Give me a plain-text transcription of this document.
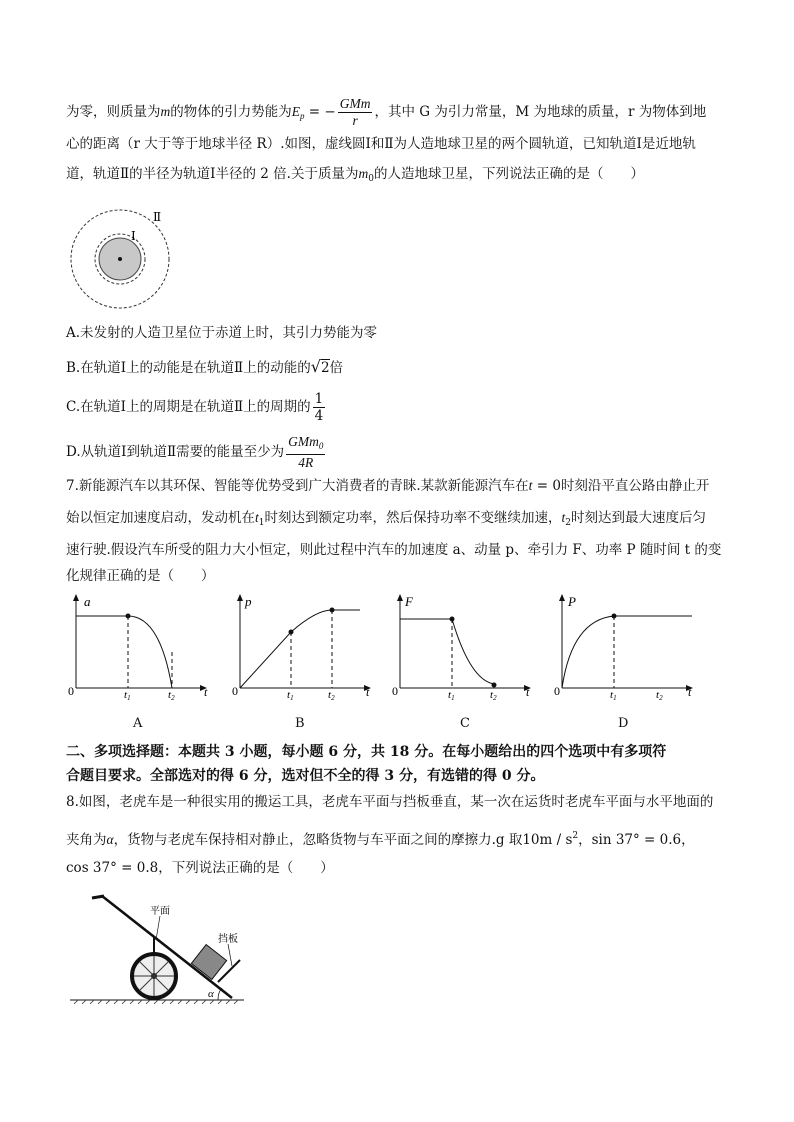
为零，则质量为m的物体的引力势能为$E_p$ = − $\frac{\text{GMm}}{r}$ ，其中 G 为引力常量，M 为地球的质量，r 为物体到地
心的距离（r 大于等于地球半径 R）.如图，虚线圆Ⅰ和Ⅱ为人造地球卫星的两个圆轨道，已知轨道Ⅰ是近地轨
道，轨道Ⅱ的半径为轨道Ⅰ半径的 2 倍.关于质量为$m_0$的人造地球卫星，下列说法正确的是（　　）
Ⅰ
Ⅱ
A.未发射的人造卫星位于赤道上时，其引力势能为零
B.在轨道Ⅰ上的动能是在轨道Ⅱ上的动能的√2倍
C.在轨道Ⅰ上的周期是在轨道Ⅱ上的周期的 $\frac{1}{4}$
D.从轨道Ⅰ到轨道Ⅱ需要的能量至少为 $\frac{GMm_0}{4R}$
7.新能源汽车以其环保、智能等优势受到广大消费者的青睐.某款新能源汽车在t = 0时刻沿平直公路由静止开
始以恒定加速度启动，发动机在$t_1$时刻达到额定功率，然后保持功率不变继续加速，$t_2$时刻达到最大速度后匀
速行驶.假设汽车所受的阻力大小恒定，则此过程中汽车的加速度 a、动量 p、牵引力 F、功率 P 随时间 t 的变
化规律正确的是（　　）
a
0	t1	t2 t
A
p
0	t1	t2	t
B
F
0	t1	t2 t
C
P
0	t1	t2 t
D
二、多项选择题：本题共 3 小题，每小题 6 分，共 18 分。在每小题给出的四个选项中有多项符
合题目要求。全部选对的得 6 分，选对但不全的得 3 分，有选错的得 0 分。
8.如图，老虎车是一种很实用的搬运工具，老虎车平面与挡板垂直，某一次在运货时老虎车平面与水平地面的
夹角为α，货物与老虎车保持相对静止，忽略货物与车平面之间的摩擦力.g 取$10m / s^2$，sin 37° = 0.6，
cos 37° = 0.8，下列说法正确的是（　　）
平面
挡板
α
